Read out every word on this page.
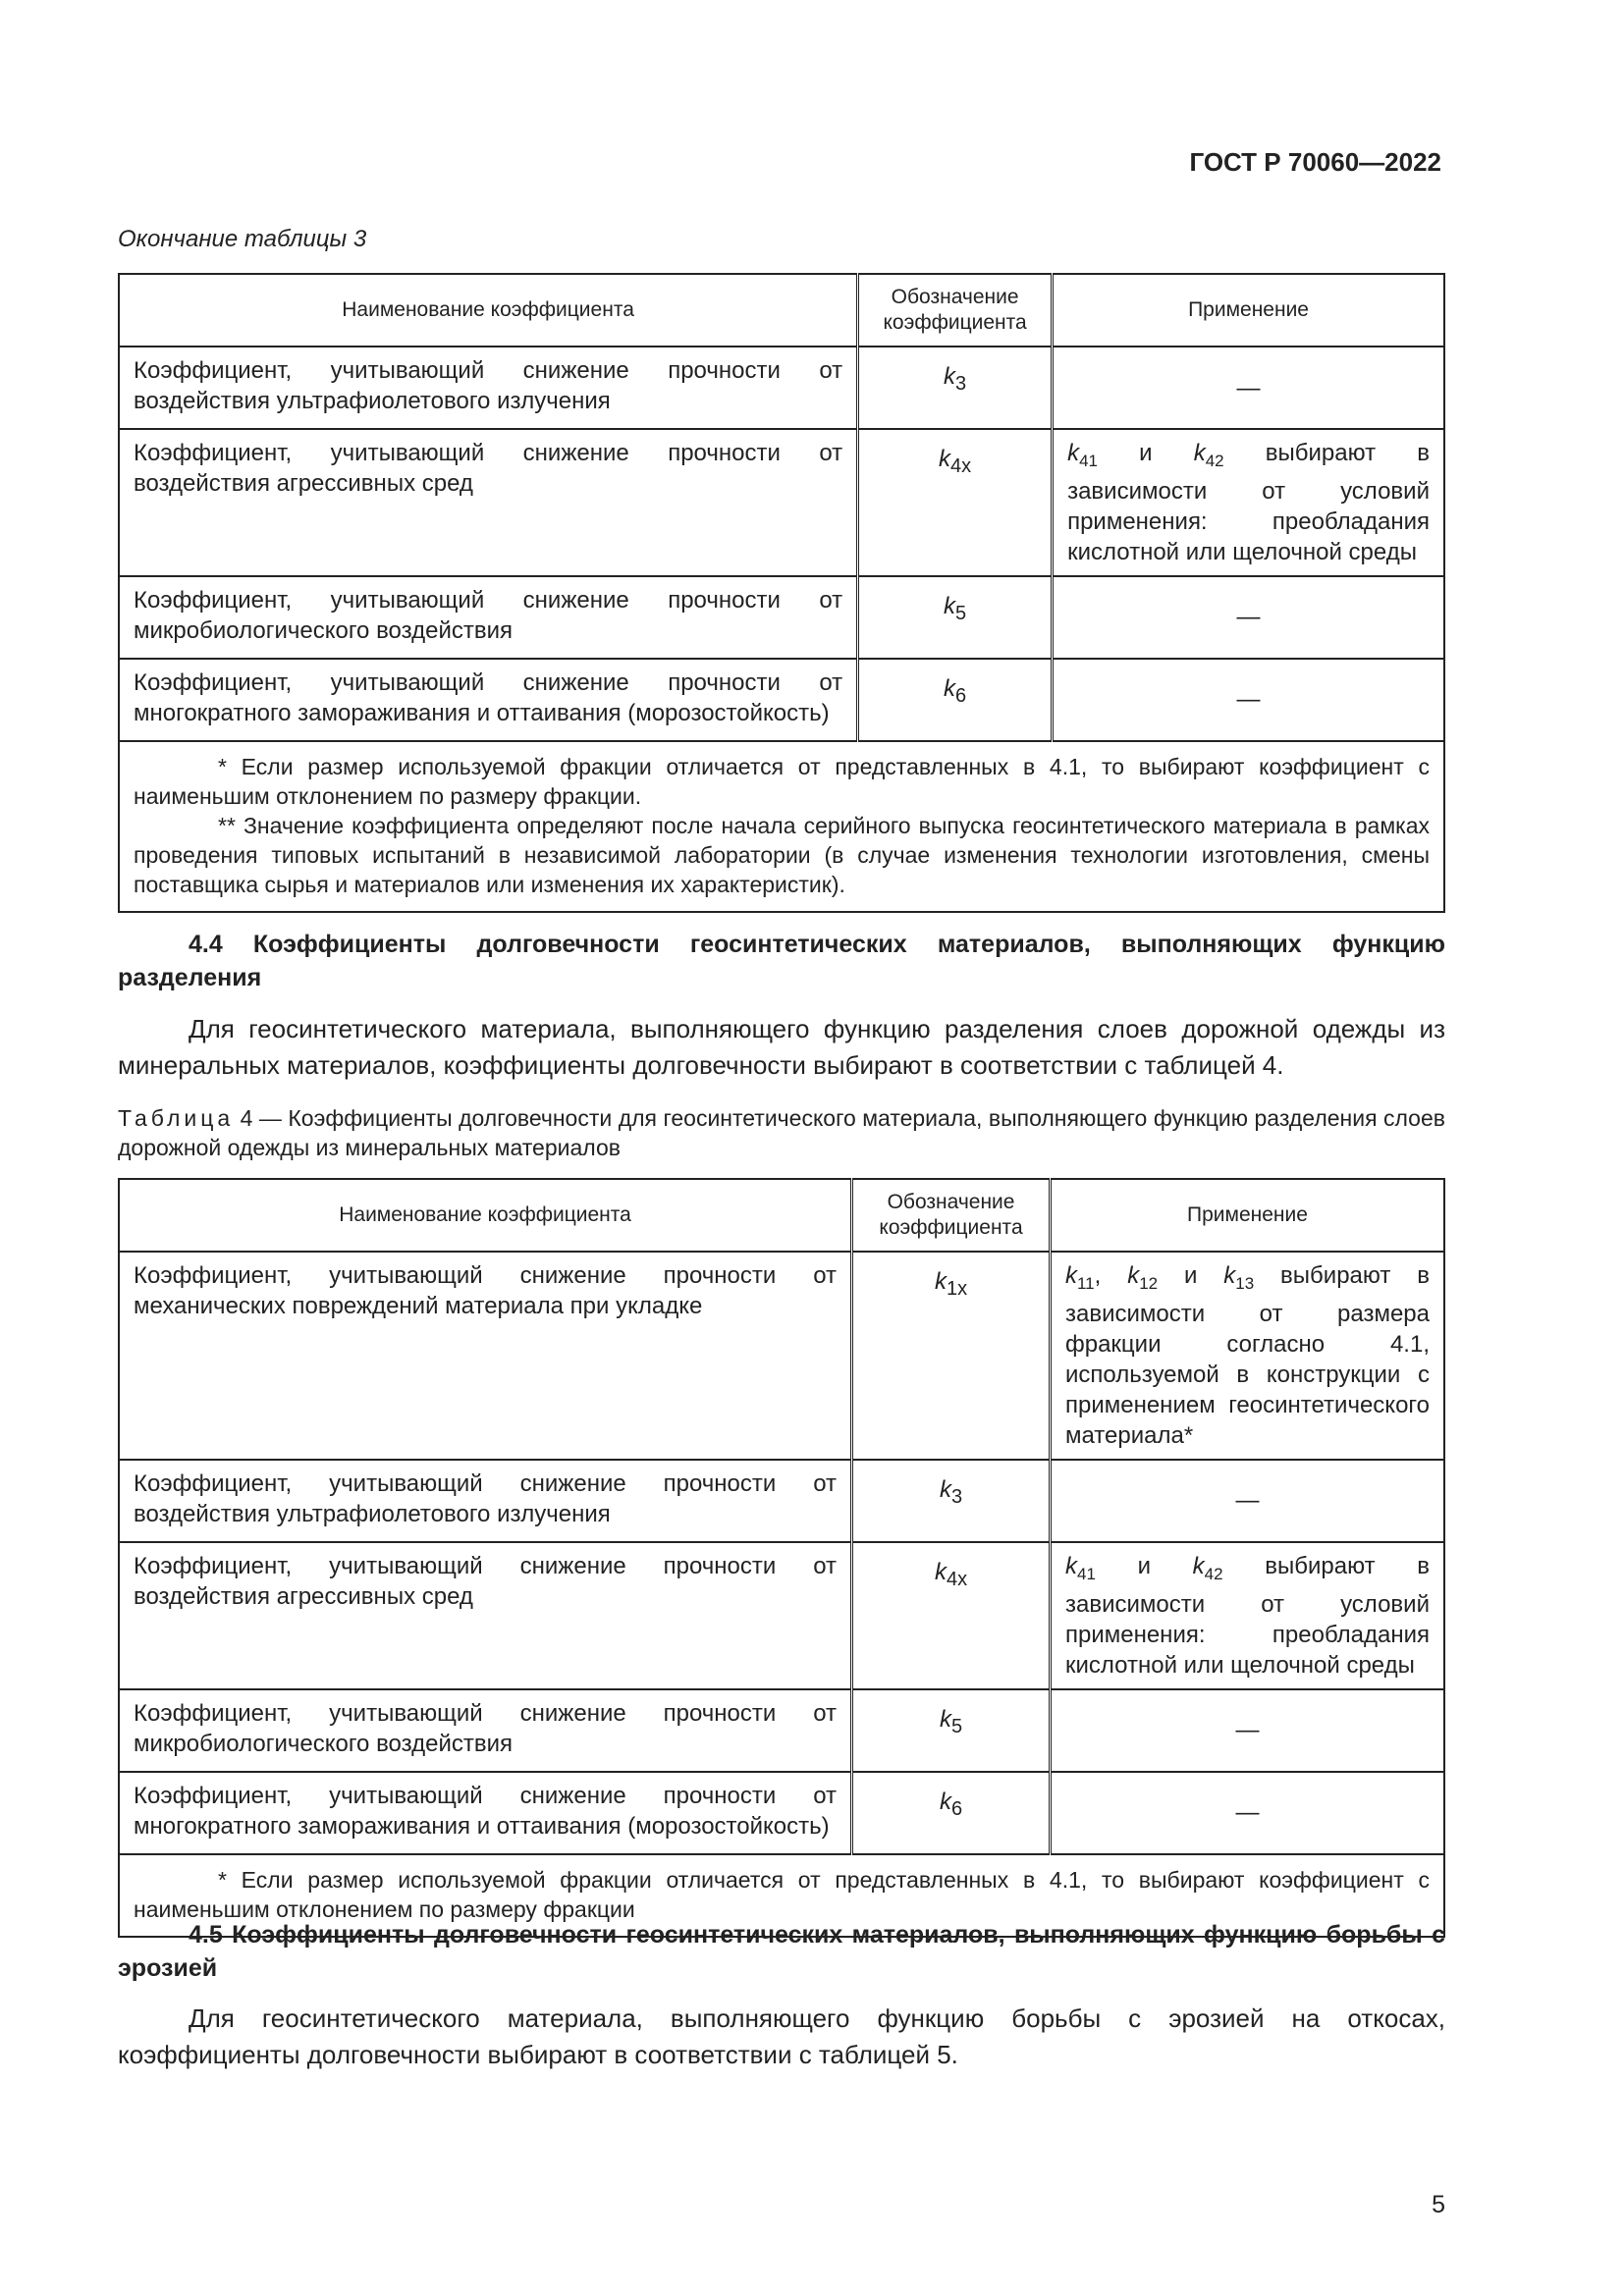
ГОСТ Р 70060—2022
Окончание таблицы 3
Наименование коэффициента	Обозначение коэффициента	Применение
Коэффициент, учитывающий снижение прочности от воздействия ультрафиолетового излучения	$k_3$	—
Коэффициент, учитывающий снижение прочности от воздействия агрессивных сред	$k_{4x}$	$k_{41}$ и $k_{42}$ выбирают в зависимости от условий применения: преобладания кислотной или щелочной среды
Коэффициент, учитывающий снижение прочности от микробиологического воздействия	$k_5$	—
Коэффициент, учитывающий снижение прочности от многократного замораживания и оттаивания (морозостойкость)	$k_6$	—

* Если размер используемой фракции отличается от представленных в 4.1, то выбирают коэффициент с наименьшим отклонением по размеру фракции.
** Значение коэффициента определяют после начала серийного выпуска геосинтетического материала в рамках проведения типовых испытаний в независимой лаборатории (в случае изменения технологии изготовления, смены поставщика сырья и материалов или изменения их характеристик).		
4.4 Коэффициенты долговечности геосинтетических материалов, выполняющих функцию разделения
Для геосинтетического материала, выполняющего функцию разделения слоев дорожной одежды из минеральных материалов, коэффициенты долговечности выбирают в соответствии с таблицей 4.
Таблица 4 — Коэффициенты долговечности для геосинтетического материала, выполняющего функцию разделения слоев дорожной одежды из минеральных материалов
Наименование коэффициента	Обозначение коэффициента	Применение
Коэффициент, учитывающий снижение прочности от механических повреждений материала при укладке	$k_{1x}$	$k_{11}$, $k_{12}$ и $k_{13}$ выбирают в зависимости от размера фракции согласно 4.1, используемой в конструкции с применением геосинтетического материала*
Коэффициент, учитывающий снижение прочности от воздействия ультрафиолетового излучения	$k_3$	—
Коэффициент, учитывающий снижение прочности от воздействия агрессивных сред	$k_{4x}$	$k_{41}$ и $k_{42}$ выбирают в зависимости от условий применения: преобладания кислотной или щелочной среды
Коэффициент, учитывающий снижение прочности от микробиологического воздействия	$k_5$	—
Коэффициент, учитывающий снижение прочности от многократного замораживания и оттаивания (морозостойкость)	$k_6$	—

* Если размер используемой фракции отличается от представленных в 4.1, то выбирают коэффициент с наименьшим отклонением по размеру фракции		
4.5 Коэффициенты долговечности геосинтетических материалов, выполняющих функцию борьбы с эрозией
Для геосинтетического материала, выполняющего функцию борьбы с эрозией на откосах, коэффициенты долговечности выбирают в соответствии с таблицей 5.
5
